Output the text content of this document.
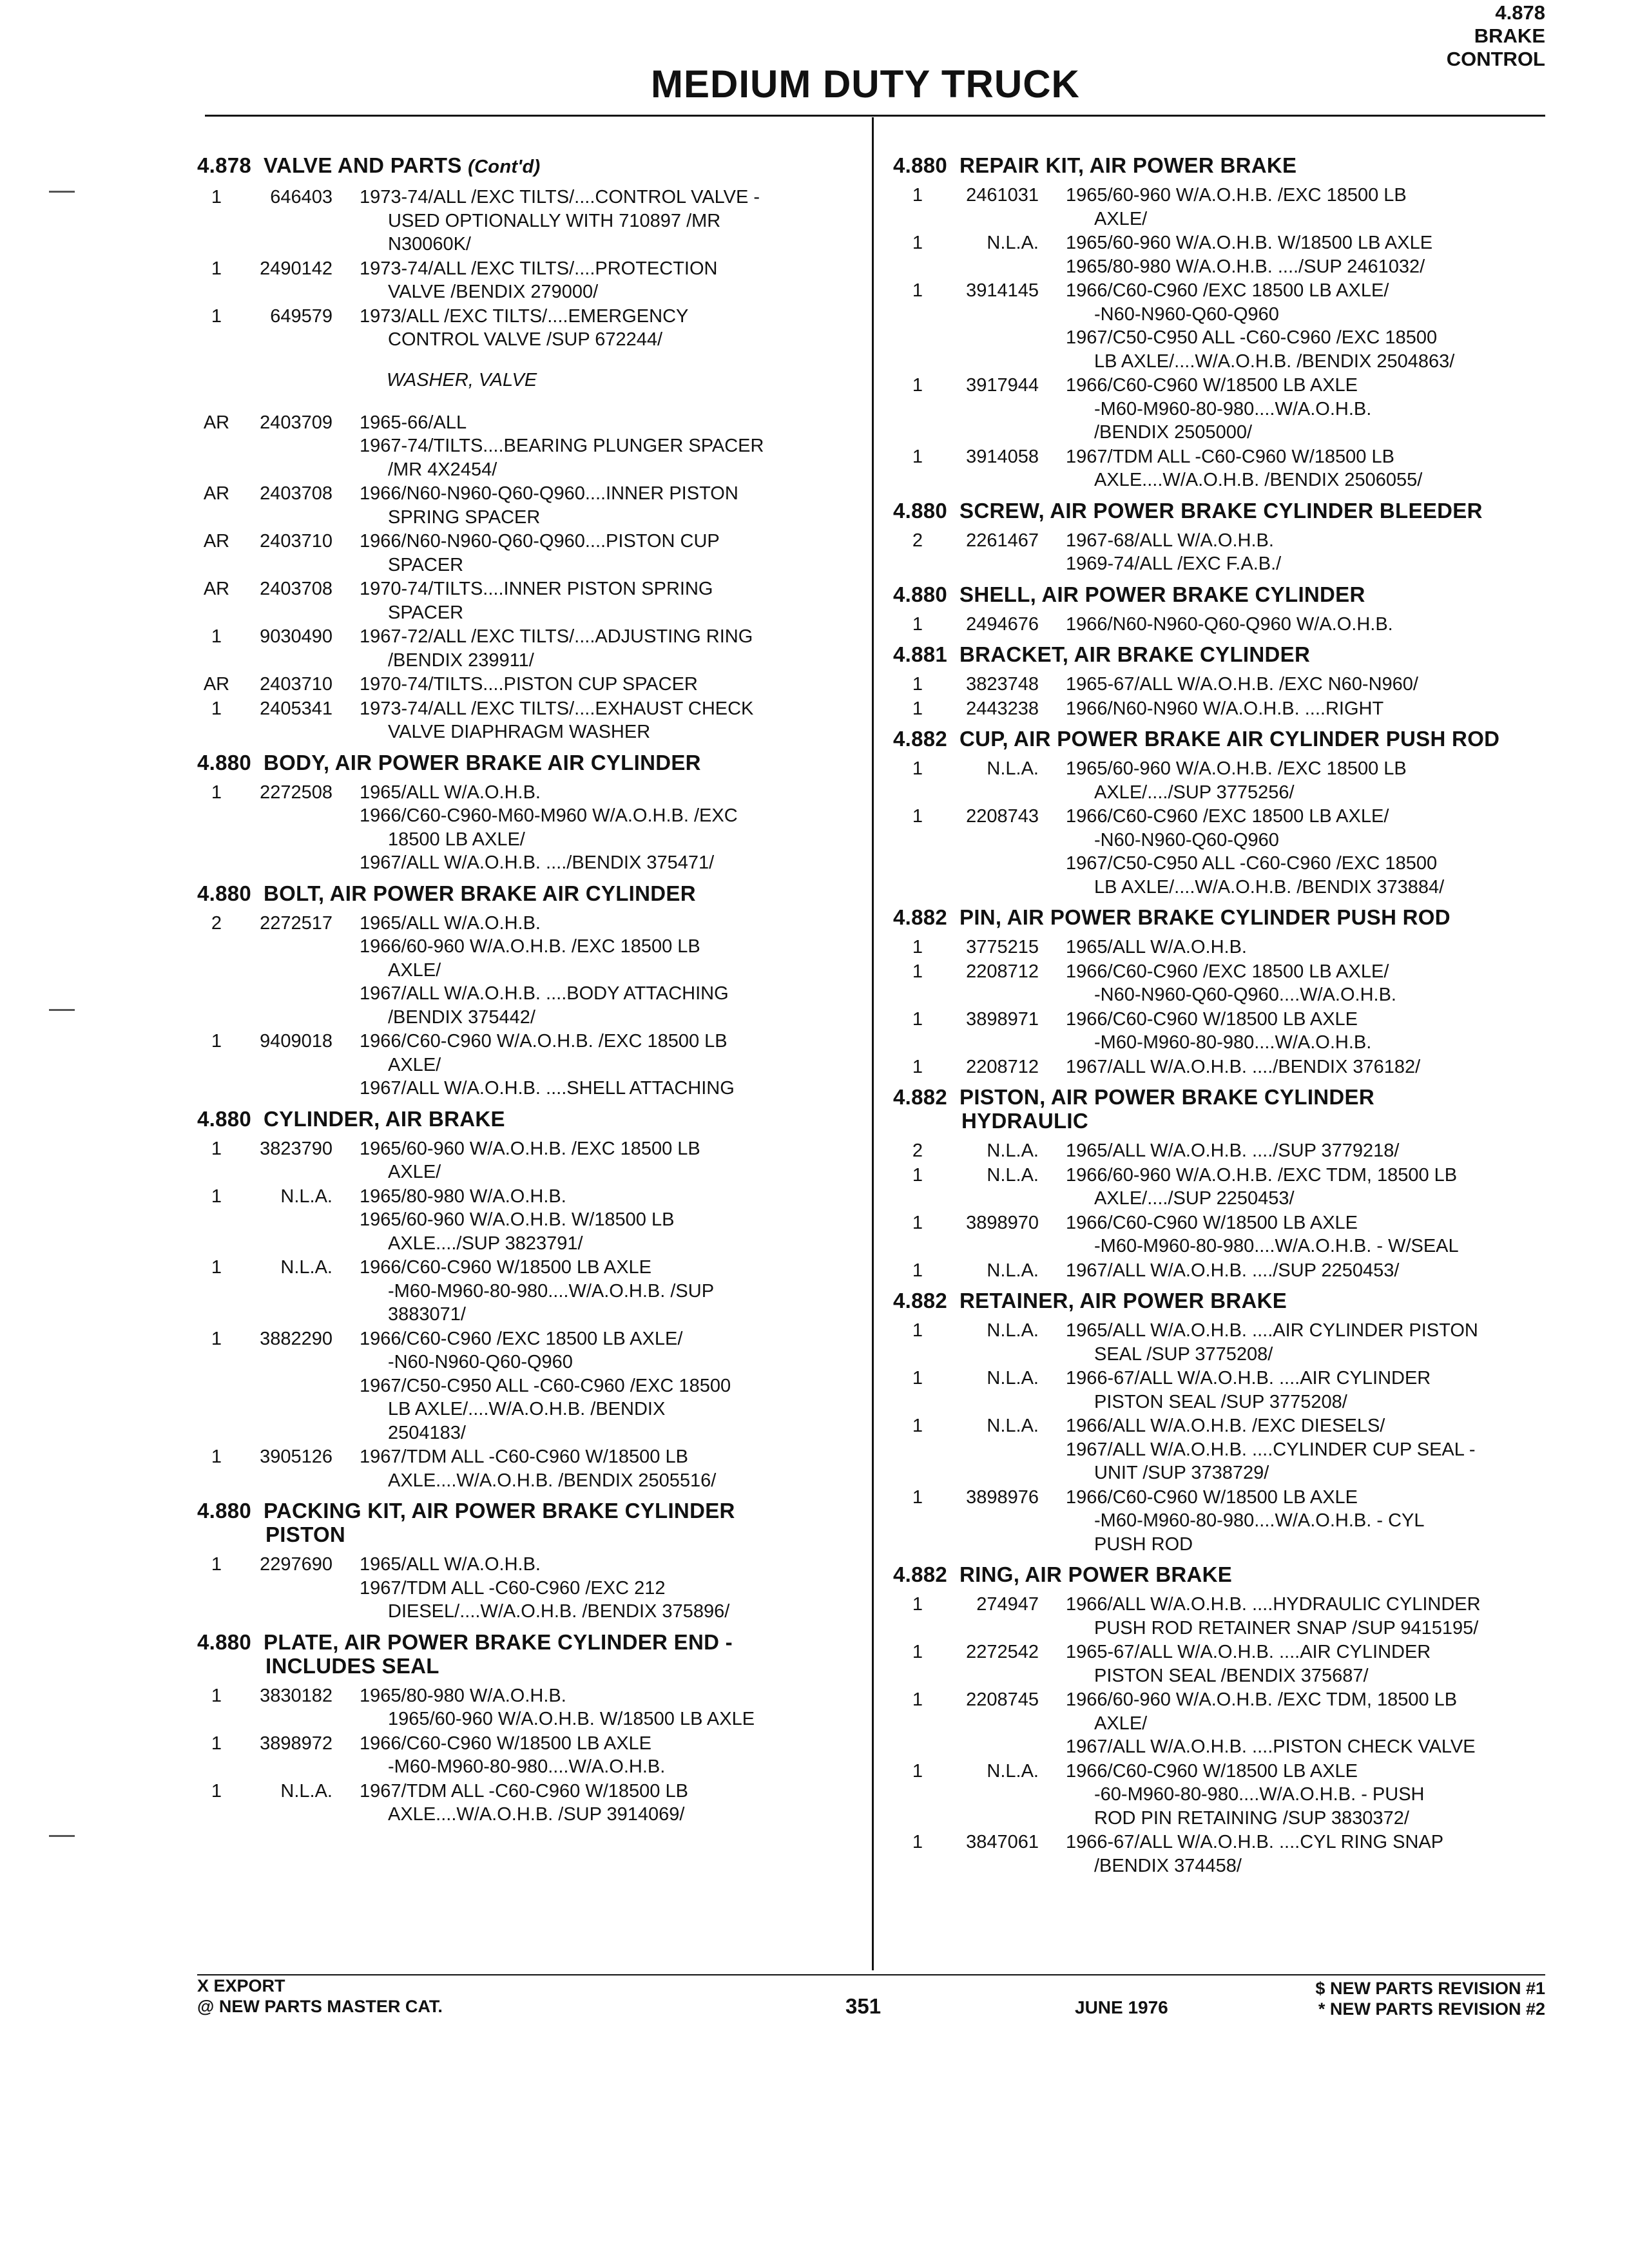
MEDIUM DUTY TRUCK
4.878
BRAKE
CONTROL
4.878  VALVE AND PARTS (Cont'd)
1	646403 1973-74/ALL /EXC TILTS/....CONTROL VALVE -
USED OPTIONALLY WITH 710897 /MR
N30060K/
1	2490142 1973-74/ALL /EXC TILTS/....PROTECTION
VALVE /BENDIX 279000/
1	649579 1973/ALL /EXC TILTS/....EMERGENCY
CONTROL VALVE /SUP 672244/
WASHER, VALVE
AR	2403709 1965-66/ALL
1967-74/TILTS....BEARING PLUNGER SPACER
/MR 4X2454/
AR	2403708 1966/N60-N960-Q60-Q960....INNER PISTON
SPRING SPACER
AR	2403710 1966/N60-N960-Q60-Q960....PISTON CUP
SPACER
AR	2403708 1970-74/TILTS....INNER PISTON SPRING
SPACER
1	9030490 1967-72/ALL /EXC TILTS/....ADJUSTING RING
/BENDIX 239911/
AR	2403710 1970-74/TILTS....PISTON CUP SPACER
1	2405341 1973-74/ALL /EXC TILTS/....EXHAUST CHECK
VALVE DIAPHRAGM WASHER
4.880  BODY, AIR POWER BRAKE AIR CYLINDER
1	2272508 1965/ALL W/A.O.H.B.
1966/C60-C960-M60-M960 W/A.O.H.B. /EXC
18500 LB AXLE/
1967/ALL W/A.O.H.B. ..../BENDIX 375471/
4.880  BOLT, AIR POWER BRAKE AIR CYLINDER
2	2272517 1965/ALL W/A.O.H.B.
1966/60-960 W/A.O.H.B. /EXC 18500 LB
AXLE/
1967/ALL W/A.O.H.B. ....BODY ATTACHING
/BENDIX 375442/
1	9409018 1966/C60-C960 W/A.O.H.B. /EXC 18500 LB
AXLE/
1967/ALL W/A.O.H.B. ....SHELL ATTACHING
4.880  CYLINDER, AIR BRAKE
1	3823790 1965/60-960 W/A.O.H.B. /EXC 18500 LB
AXLE/
1	N.L.A. 1965/80-980 W/A.O.H.B.
1965/60-960 W/A.O.H.B. W/18500 LB
AXLE..../SUP 3823791/
1	N.L.A. 1966/C60-C960 W/18500 LB AXLE
-M60-M960-80-980....W/A.O.H.B. /SUP
3883071/
1	3882290 1966/C60-C960 /EXC 18500 LB AXLE/
-N60-N960-Q60-Q960
1967/C50-C950 ALL -C60-C960 /EXC 18500
LB AXLE/....W/A.O.H.B. /BENDIX
2504183/
1	3905126 1967/TDM ALL -C60-C960 W/18500 LB
AXLE....W/A.O.H.B. /BENDIX 2505516/
4.880  PACKING KIT, AIR POWER BRAKE CYLINDER
PISTON
1	2297690 1965/ALL W/A.O.H.B.
1967/TDM ALL -C60-C960 /EXC 212
DIESEL/....W/A.O.H.B. /BENDIX 375896/
4.880  PLATE, AIR POWER BRAKE CYLINDER END -
INCLUDES SEAL
1	3830182 1965/80-980 W/A.O.H.B.
1965/60-960 W/A.O.H.B. W/18500 LB AXLE
1	3898972 1966/C60-C960 W/18500 LB AXLE
-M60-M960-80-980....W/A.O.H.B.
1	N.L.A. 1967/TDM ALL -C60-C960 W/18500 LB
AXLE....W/A.O.H.B. /SUP 3914069/
4.880  REPAIR KIT, AIR POWER BRAKE
1	2461031 1965/60-960 W/A.O.H.B. /EXC 18500 LB
AXLE/
1	N.L.A. 1965/60-960 W/A.O.H.B. W/18500 LB AXLE
1965/80-980 W/A.O.H.B. ..../SUP 2461032/
1	3914145 1966/C60-C960 /EXC 18500 LB AXLE/
-N60-N960-Q60-Q960
1967/C50-C950 ALL -C60-C960 /EXC 18500
LB AXLE/....W/A.O.H.B. /BENDIX 2504863/
1	3917944 1966/C60-C960 W/18500 LB AXLE
-M60-M960-80-980....W/A.O.H.B.
/BENDIX 2505000/
1	3914058 1967/TDM ALL -C60-C960 W/18500 LB
AXLE....W/A.O.H.B. /BENDIX 2506055/
4.880  SCREW, AIR POWER BRAKE CYLINDER BLEEDER
2	2261467 1967-68/ALL W/A.O.H.B.
1969-74/ALL /EXC F.A.B./
4.880  SHELL, AIR POWER BRAKE CYLINDER
1	2494676 1966/N60-N960-Q60-Q960 W/A.O.H.B.
4.881  BRACKET, AIR BRAKE CYLINDER
1	3823748 1965-67/ALL W/A.O.H.B. /EXC N60-N960/
1	2443238 1966/N60-N960 W/A.O.H.B. ....RIGHT
4.882  CUP, AIR POWER BRAKE AIR CYLINDER PUSH ROD
1	N.L.A. 1965/60-960 W/A.O.H.B. /EXC 18500 LB
AXLE/..../SUP 3775256/
1	2208743 1966/C60-C960 /EXC 18500 LB AXLE/
-N60-N960-Q60-Q960
1967/C50-C950 ALL -C60-C960 /EXC 18500
LB AXLE/....W/A.O.H.B. /BENDIX 373884/
4.882  PIN, AIR POWER BRAKE CYLINDER PUSH ROD
1	3775215 1965/ALL W/A.O.H.B.
1	2208712 1966/C60-C960 /EXC 18500 LB AXLE/
-N60-N960-Q60-Q960....W/A.O.H.B.
1	3898971 1966/C60-C960 W/18500 LB AXLE
-M60-M960-80-980....W/A.O.H.B.
1	2208712 1967/ALL W/A.O.H.B. ..../BENDIX 376182/
4.882  PISTON, AIR POWER BRAKE CYLINDER
HYDRAULIC
2	N.L.A. 1965/ALL W/A.O.H.B. ..../SUP 3779218/
1	N.L.A. 1966/60-960 W/A.O.H.B. /EXC TDM, 18500 LB
AXLE/..../SUP 2250453/
1	3898970 1966/C60-C960 W/18500 LB AXLE
-M60-M960-80-980....W/A.O.H.B. - W/SEAL
1	N.L.A. 1967/ALL W/A.O.H.B. ..../SUP 2250453/
4.882  RETAINER, AIR POWER BRAKE
1	N.L.A. 1965/ALL W/A.O.H.B. ....AIR CYLINDER PISTON
SEAL /SUP 3775208/
1	N.L.A. 1966-67/ALL W/A.O.H.B. ....AIR CYLINDER
PISTON SEAL /SUP 3775208/
1	N.L.A. 1966/ALL W/A.O.H.B. /EXC DIESELS/
1967/ALL W/A.O.H.B. ....CYLINDER CUP SEAL -
UNIT /SUP 3738729/
1	3898976 1966/C60-C960 W/18500 LB AXLE
-M60-M960-80-980....W/A.O.H.B. - CYL
PUSH ROD
4.882  RING, AIR POWER BRAKE
1	274947 1966/ALL W/A.O.H.B. ....HYDRAULIC CYLINDER
PUSH ROD RETAINER SNAP /SUP 9415195/
1	2272542 1965-67/ALL W/A.O.H.B. ....AIR CYLINDER
PISTON SEAL /BENDIX 375687/
1	2208745 1966/60-960 W/A.O.H.B. /EXC TDM, 18500 LB
AXLE/
1967/ALL W/A.O.H.B. ....PISTON CHECK VALVE
1	N.L.A. 1966/C60-C960 W/18500 LB AXLE
-60-M960-80-980....W/A.O.H.B. - PUSH
ROD PIN RETAINING /SUP 3830372/
1	3847061 1966-67/ALL W/A.O.H.B. ....CYL RING SNAP
/BENDIX 374458/
X EXPORT
@ NEW PARTS MASTER CAT.	351	JUNE 1976
$ NEW PARTS REVISION #1
* NEW PARTS REVISION #2
